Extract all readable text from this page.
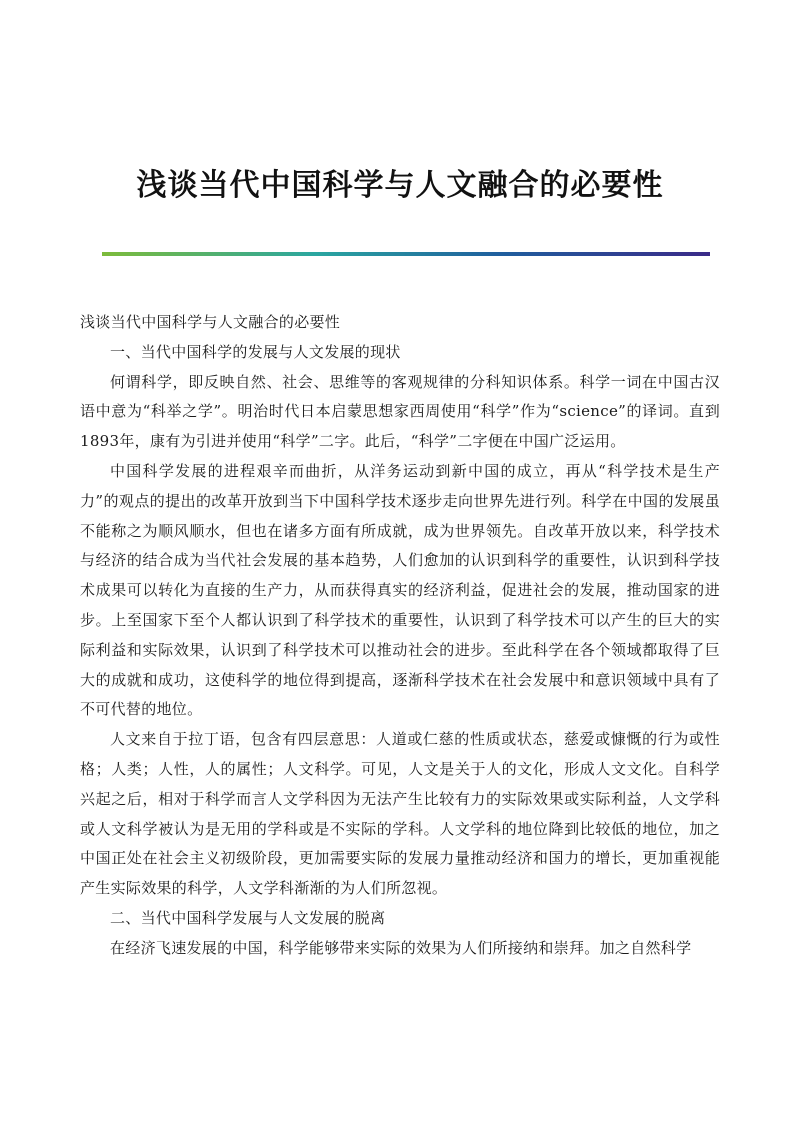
浅谈当代中国科学与人文融合的必要性

浅谈当代中国科学与人文融合的必要性

一、当代中国科学的发展与人文发展的现状

何谓科学，即反映自然、社会、思维等的客观规律的分科知识体系。科学一词在中国古汉语中意为“科举之学”。明治时代日本启蒙思想家西周使用“科学”作为“science”的译词。直到1893年，康有为引进并使用“科学”二字。此后，“科学”二字便在中国广泛运用。

中国科学发展的进程艰辛而曲折，从洋务运动到新中国的成立，再从“科学技术是生产力”的观点的提出的改革开放到当下中国科学技术逐步走向世界先进行列。科学在中国的发展虽不能称之为顺风顺水，但也在诸多方面有所成就，成为世界领先。自改革开放以来，科学技术与经济的结合成为当代社会发展的基本趋势，人们愈加的认识到科学的重要性，认识到科学技术成果可以转化为直接的生产力，从而获得真实的经济利益，促进社会的发展，推动国家的进步。上至国家下至个人都认识到了科学技术的重要性，认识到了科学技术可以产生的巨大的实际利益和实际效果，认识到了科学技术可以推动社会的进步。至此科学在各个领域都取得了巨大的成就和成功，这使科学的地位得到提高，逐渐科学技术在社会发展中和意识领域中具有了不可代替的地位。

人文来自于拉丁语，包含有四层意思：人道或仁慈的性质或状态，慈爱或慷慨的行为或性格；人类；人性，人的属性；人文科学。可见，人文是关于人的文化，形成人文文化。自科学兴起之后，相对于科学而言人文学科因为无法产生比较有力的实际效果或实际利益，人文学科或人文科学被认为是无用的学科或是不实际的学科。人文学科的地位降到比较低的地位，加之中国正处在社会主义初级阶段，更加需要实际的发展力量推动经济和国力的增长，更加重视能产生实际效果的科学，人文学科渐渐的为人们所忽视。

二、当代中国科学发展与人文发展的脱离

在经济飞速发展的中国，科学能够带来实际的效果为人们所接纳和崇拜。加之自然科学
